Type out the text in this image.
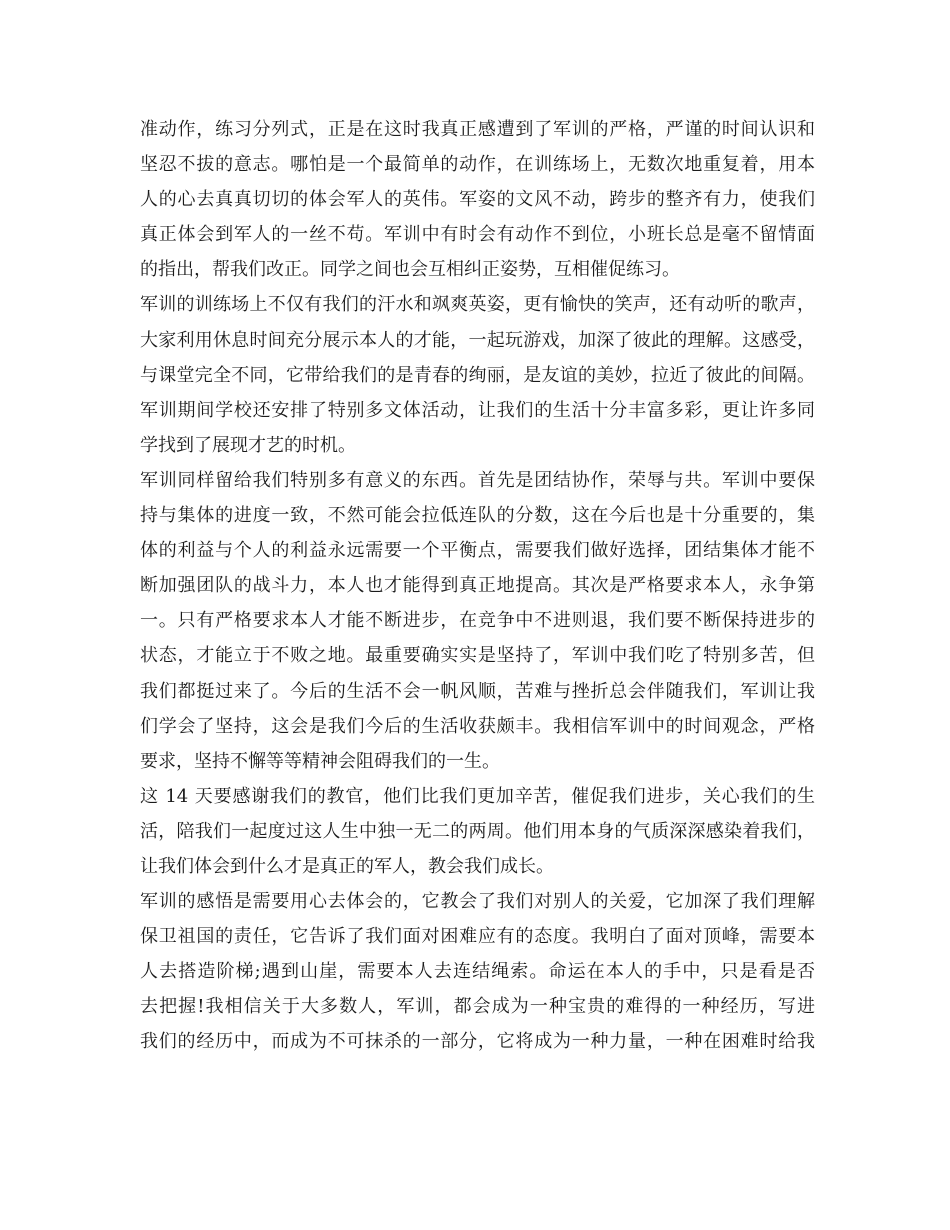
准动作，练习分列式，正是在这时我真正感遭到了军训的严格，严谨的时间认识和
坚忍不拔的意志。哪怕是一个最简单的动作，在训练场上，无数次地重复着，用本
人的心去真真切切的体会军人的英伟。军姿的文风不动，跨步的整齐有力，使我们
真正体会到军人的一丝不苟。军训中有时会有动作不到位，小班长总是毫不留情面
的指出，帮我们改正。同学之间也会互相纠正姿势，互相催促练习。
军训的训练场上不仅有我们的汗水和飒爽英姿，更有愉快的笑声，还有动听的歌声，
大家利用休息时间充分展示本人的才能，一起玩游戏，加深了彼此的理解。这感受，
与课堂完全不同，它带给我们的是青春的绚丽，是友谊的美妙，拉近了彼此的间隔。
军训期间学校还安排了特别多文体活动，让我们的生活十分丰富多彩，更让许多同
学找到了展现才艺的时机。
军训同样留给我们特别多有意义的东西。首先是团结协作，荣辱与共。军训中要保
持与集体的进度一致，不然可能会拉低连队的分数，这在今后也是十分重要的，集
体的利益与个人的利益永远需要一个平衡点，需要我们做好选择，团结集体才能不
断加强团队的战斗力，本人也才能得到真正地提高。其次是严格要求本人，永争第
一。只有严格要求本人才能不断进步，在竞争中不进则退，我们要不断保持进步的
状态，才能立于不败之地。最重要确实实是坚持了，军训中我们吃了特别多苦，但
我们都挺过来了。今后的生活不会一帆风顺，苦难与挫折总会伴随我们，军训让我
们学会了坚持，这会是我们今后的生活收获颇丰。我相信军训中的时间观念，严格
要求，坚持不懈等等精神会阻碍我们的一生。
这 14 天要感谢我们的教官，他们比我们更加辛苦，催促我们进步，关心我们的生
活，陪我们一起度过这人生中独一无二的两周。他们用本身的气质深深感染着我们，
让我们体会到什么才是真正的军人，教会我们成长。
军训的感悟是需要用心去体会的，它教会了我们对别人的关爱，它加深了我们理解
保卫祖国的责任，它告诉了我们面对困难应有的态度。我明白了面对顶峰，需要本
人去搭造阶梯;遇到山崖，需要本人去连结绳索。命运在本人的手中，只是看是否
去把握!我相信关于大多数人，军训，都会成为一种宝贵的难得的一种经历，写进
我们的经历中，而成为不可抹杀的一部分，它将成为一种力量，一种在困难时给我
